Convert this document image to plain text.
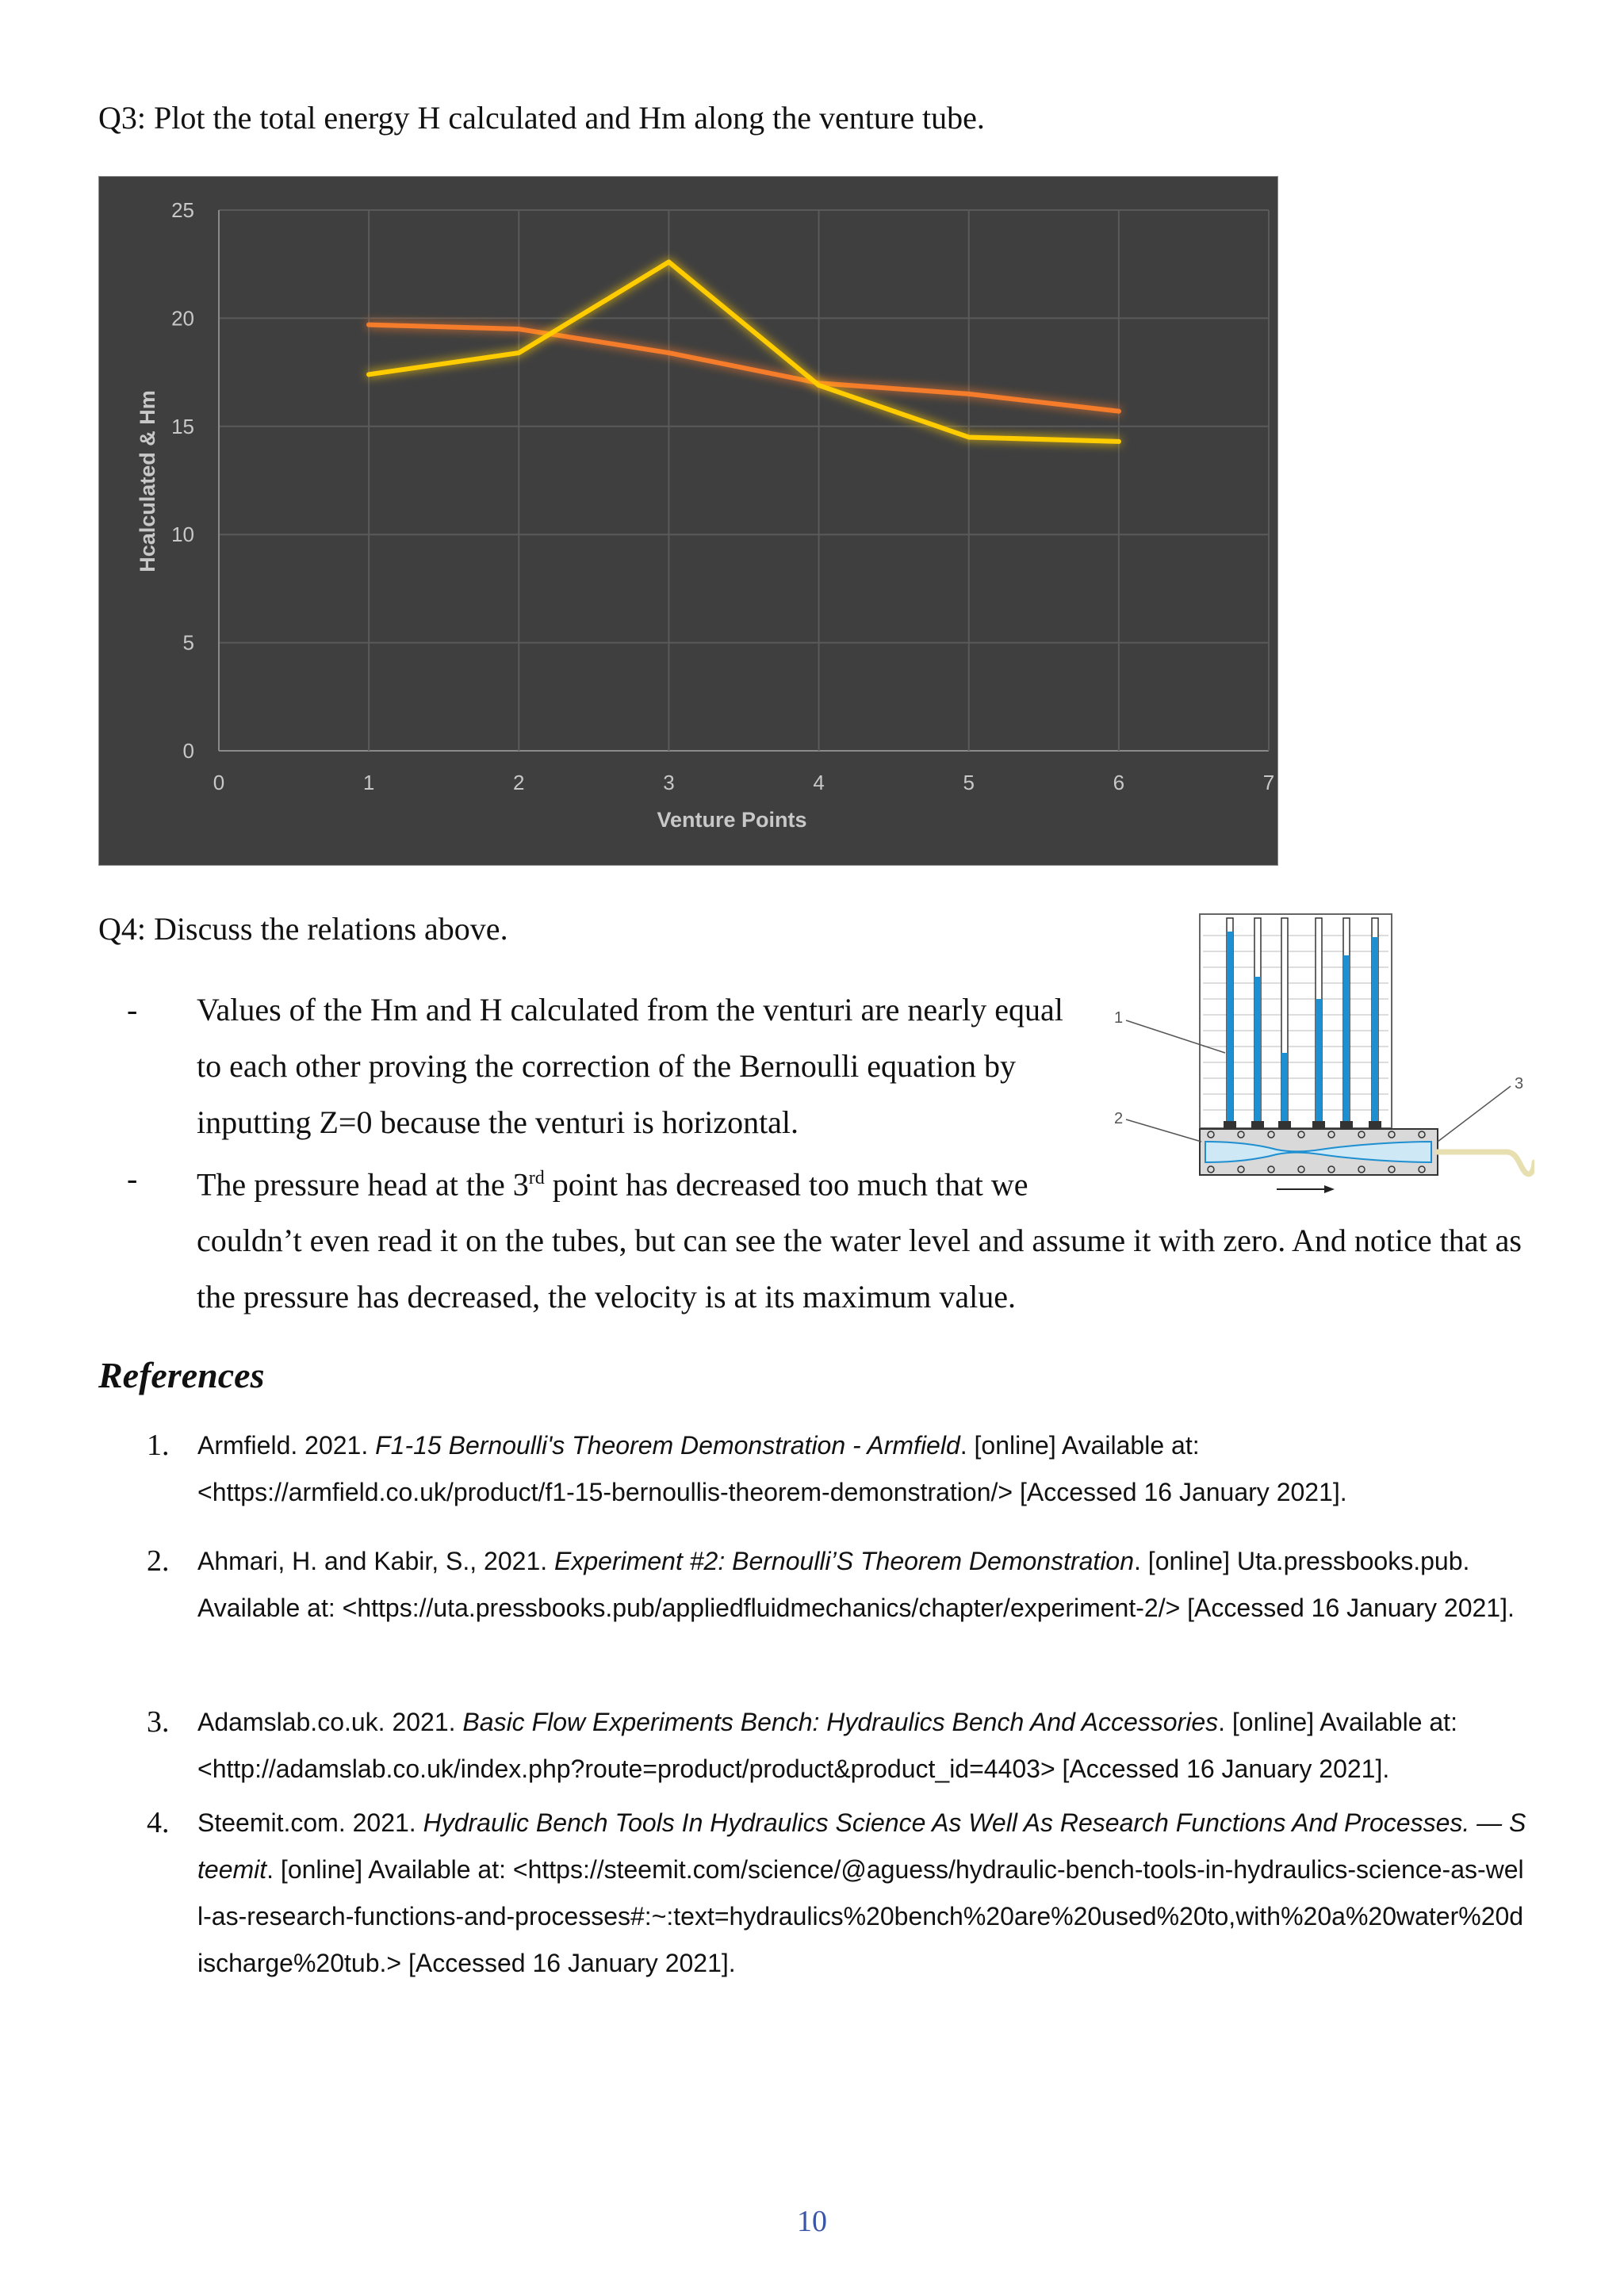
Q3: Plot the total energy H calculated and Hm along the venture tube.
0
5
10
15
20
25
0	1	2	3	4	5	6	7
Venture Points
Hcalculated & Hm
Q4: Discuss the relations above.

- Values of the Hm and H calculated from the venturi are nearly equal to each other proving the correction of the Bernoulli equation by inputting Z=0 because the venturi is horizontal.

- The pressure head at the 3rd point has decreased too much that we
couldn’t even read it on the tubes, but can see the water level and assume it with zero. And notice that as the pressure has decreased, the velocity is at its maximum value.

1
2
3
References
1. Armfield. 2021. F1-15 Bernoulli's Theorem Demonstration - Armfield. [online] Available at: <https://armfield.co.uk/product/f1-15-bernoullis-theorem-demonstration/> [Accessed 16 January 2021].
2. Ahmari, H. and Kabir, S., 2021. Experiment #2: Bernoulli’S Theorem Demonstration. [online] Uta.pressbooks.pub. Available at: <https://uta.pressbooks.pub/appliedfluidmechanics/chapter/experiment-2/> [Accessed 16 January 2021].
3. Adamslab.co.uk. 2021. Basic Flow Experiments Bench: Hydraulics Bench And Accessories. [online] Available at: <http://adamslab.co.uk/index.php?route=product/product&product_id=4403> [Accessed 16 January 2021].
4. Steemit.com. 2021. Hydraulic Bench Tools In Hydraulics Science As Well As Research Functions And Processes. — Steemit. [online] Available at: <https://steemit.com/science/@aguess/hydraulic-bench-tools-in-hydraulics-science-as-well-as-research-functions-and-processes#:~:text=hydraulics%20bench%20are%20used%20to,with%20a%20water%20discharge%20tub.> [Accessed 16 January 2021].
10
